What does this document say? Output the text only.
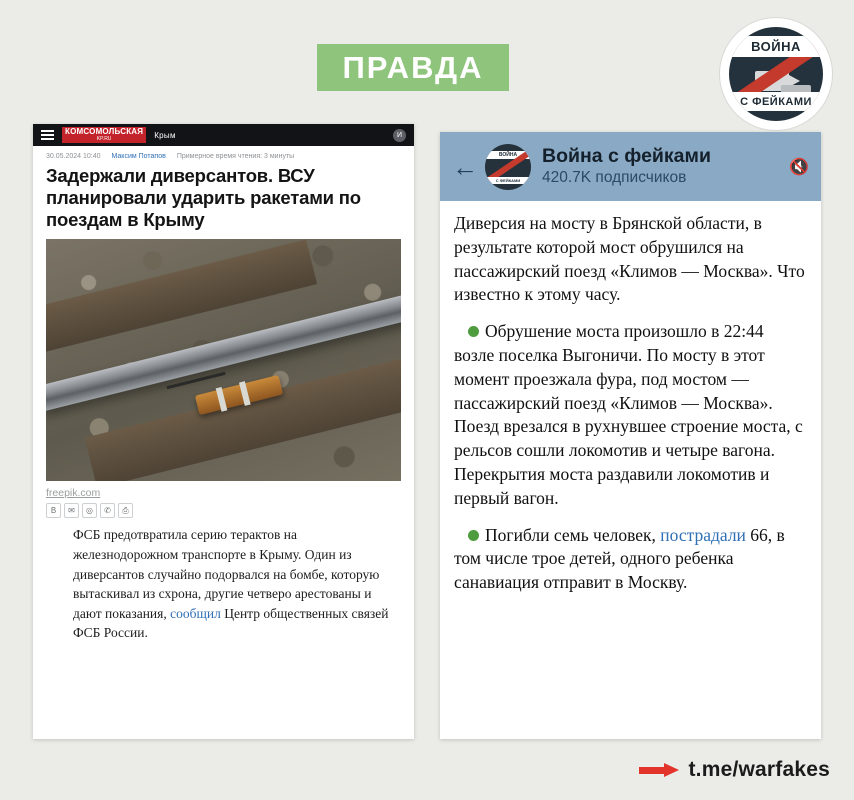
ПРАВДА
ВОЙНА
С ФЕЙКАМИ
КОМСОМОЛЬСКАЯ
KP.RU	Крым	И
30.05.2024 10:40 Максим Потапов Примерное время чтения: 3 минуты
Задержали диверсантов. ВСУ планировали ударить ракетами по поездам в Крыму
freepik.com
B	✉	◎	✆	⎙
ФСБ предотвратила серию терактов на железнодорожном транспорте в Крыму. Один из диверсантов случайно подорвался на бомбе, которую вытаскивал из схрона, другие четверо арестованы и дают показания, сообщил Центр общественных связей ФСБ России.
←	ВОЙНА
С ФЕЙКАМИ
Война с фейками
420.7K подписчиков
🔇

Диверсия на мосту в Брянской области, в результате которой мост обрушился на пассажирский поезд «Климов — Москва». Что известно к этому часу.

Обрушение моста произошло в 22:44 возле поселка Выгоничи. По мосту в этот момент проезжала фура, под мостом — пассажирский поезд «Климов — Москва». Поезд врезался в рухнувшее строение моста, с рельсов сошли локомотив и четыре вагона. Перекрытия моста раздавили локомотив и первый вагон.

Погибли семь человек, пострадали 66, в том числе трое детей, одного ребенка санавиация отправит в Москву.

t.me/warfakes
